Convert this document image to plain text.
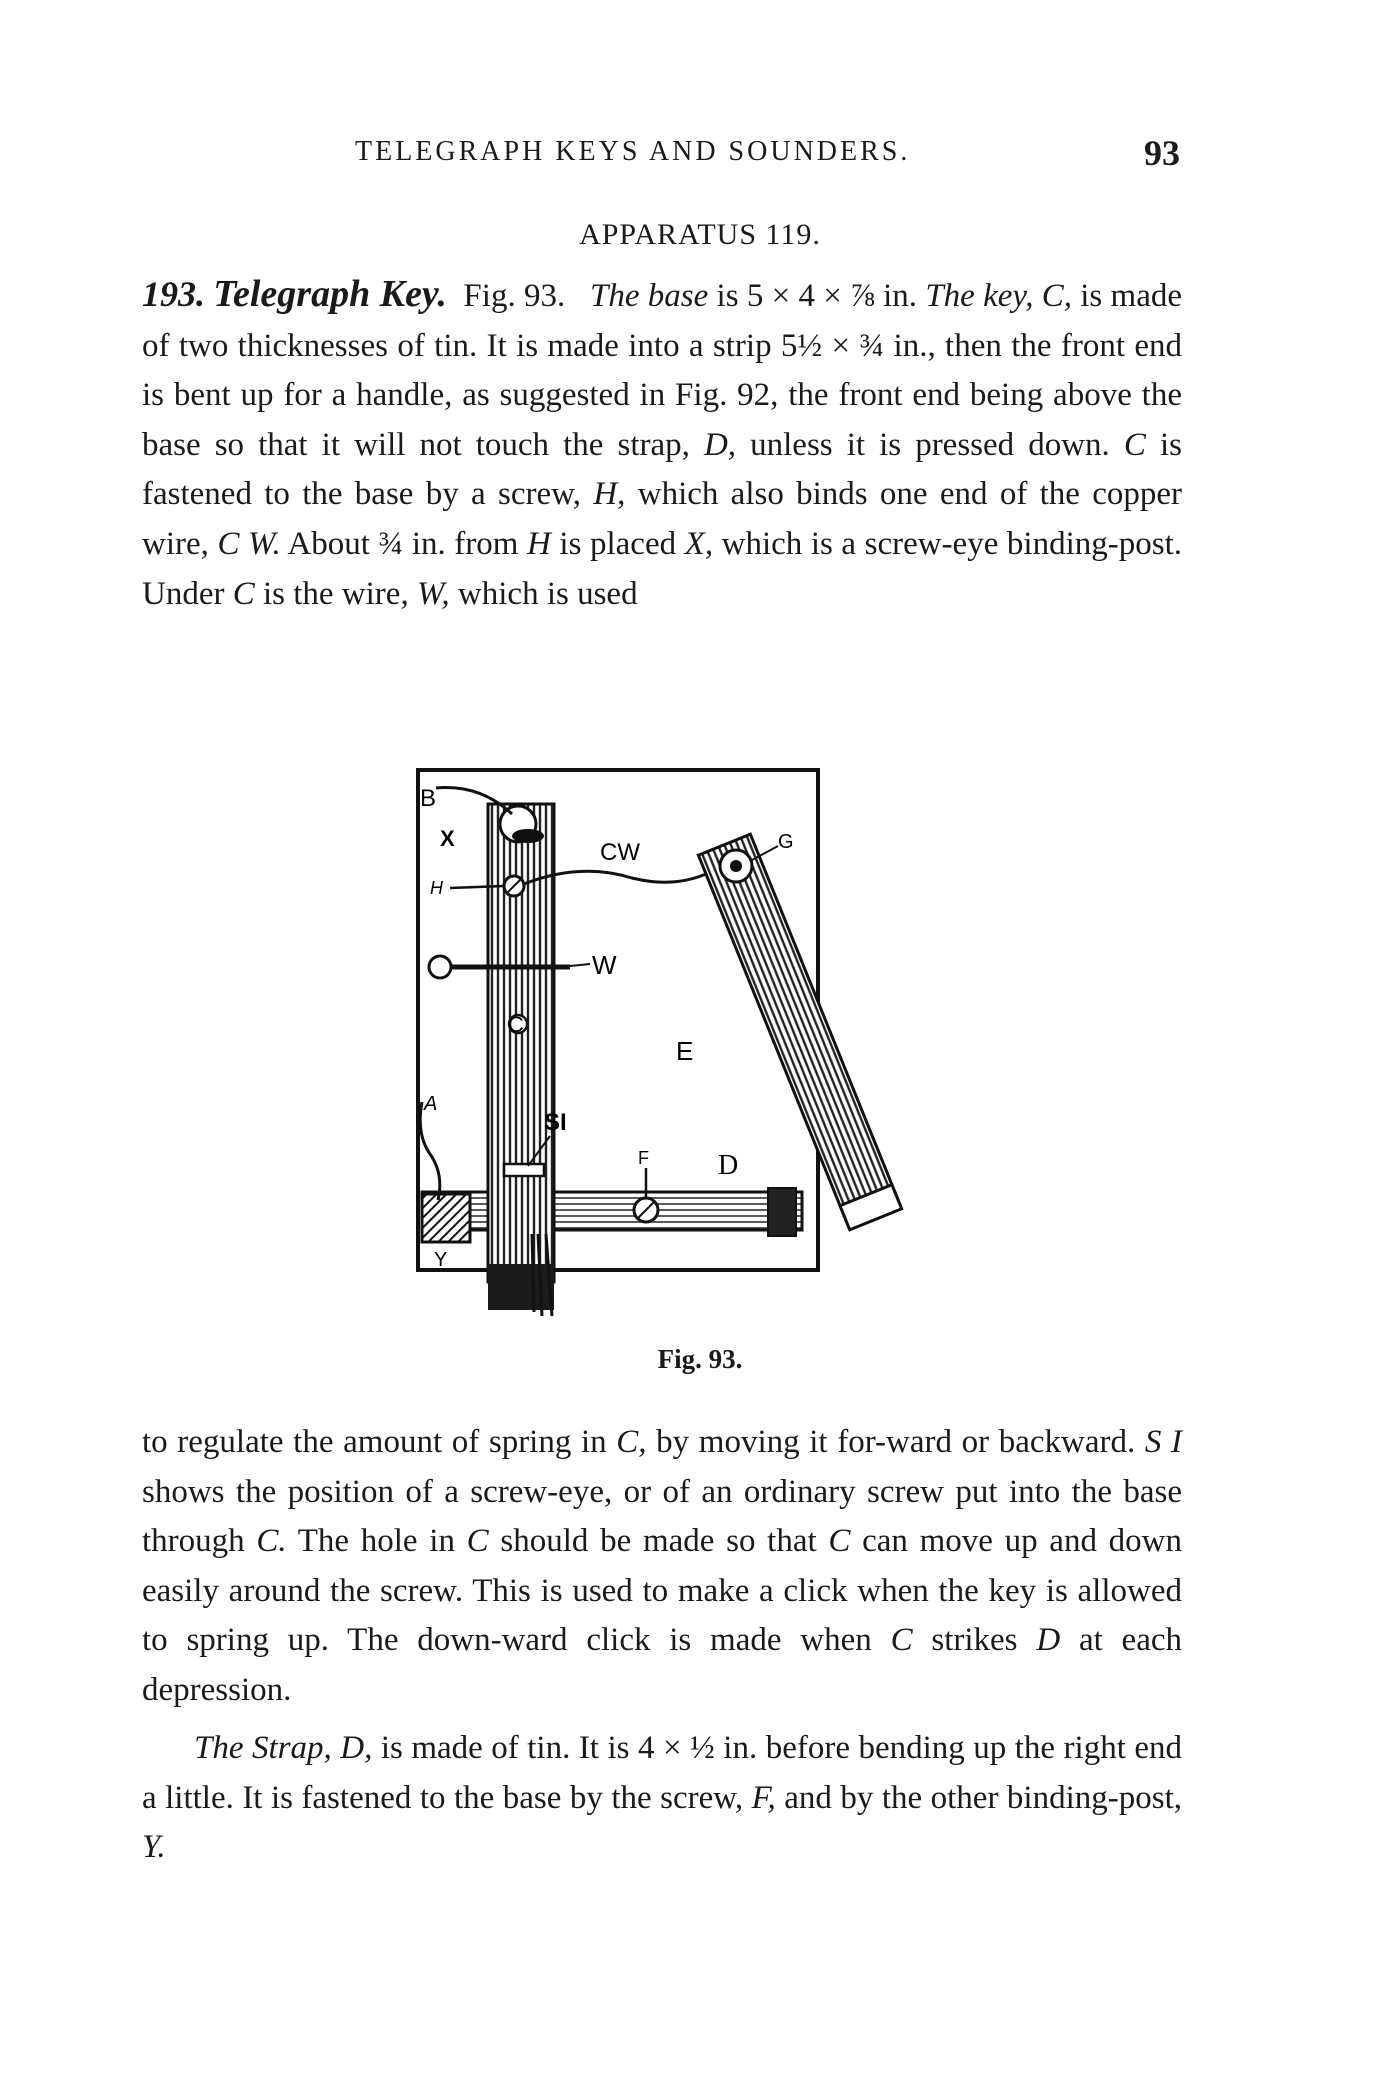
TELEGRAPH KEYS AND SOUNDERS.	93
APPARATUS 119.

193. Telegraph Key. Fig. 93. The base is 5 × 4 × ⅞ in. The key, C, is made of two thicknesses of tin. It is made into a strip 5½ × ¾ in., then the front end is bent up for a handle, as suggested in Fig. 92, the front end being above the base so that it will not touch the strap, D, unless it is pressed down. C is fastened to the base by a screw, H, which also binds one end of the copper wire, C W. About ¾ in. from H is placed X, which is a screw-eye binding-post. Under C is the wire, W, which is used

B
X
H
CW	G
W
C
E
A
SI
F D
Y
Fig. 93.

to regulate the amount of spring in C, by moving it for-ward or backward. S I shows the position of a screw-eye, or of an ordinary screw put into the base through C. The hole in C should be made so that C can move up and down easily around the screw. This is used to make a click when the key is allowed to spring up. The down-ward click is made when C strikes D at each depression.

The Strap, D, is made of tin. It is 4 × ½ in. before bending up the right end a little. It is fastened to the base by the screw, F, and by the other binding-post, Y.
